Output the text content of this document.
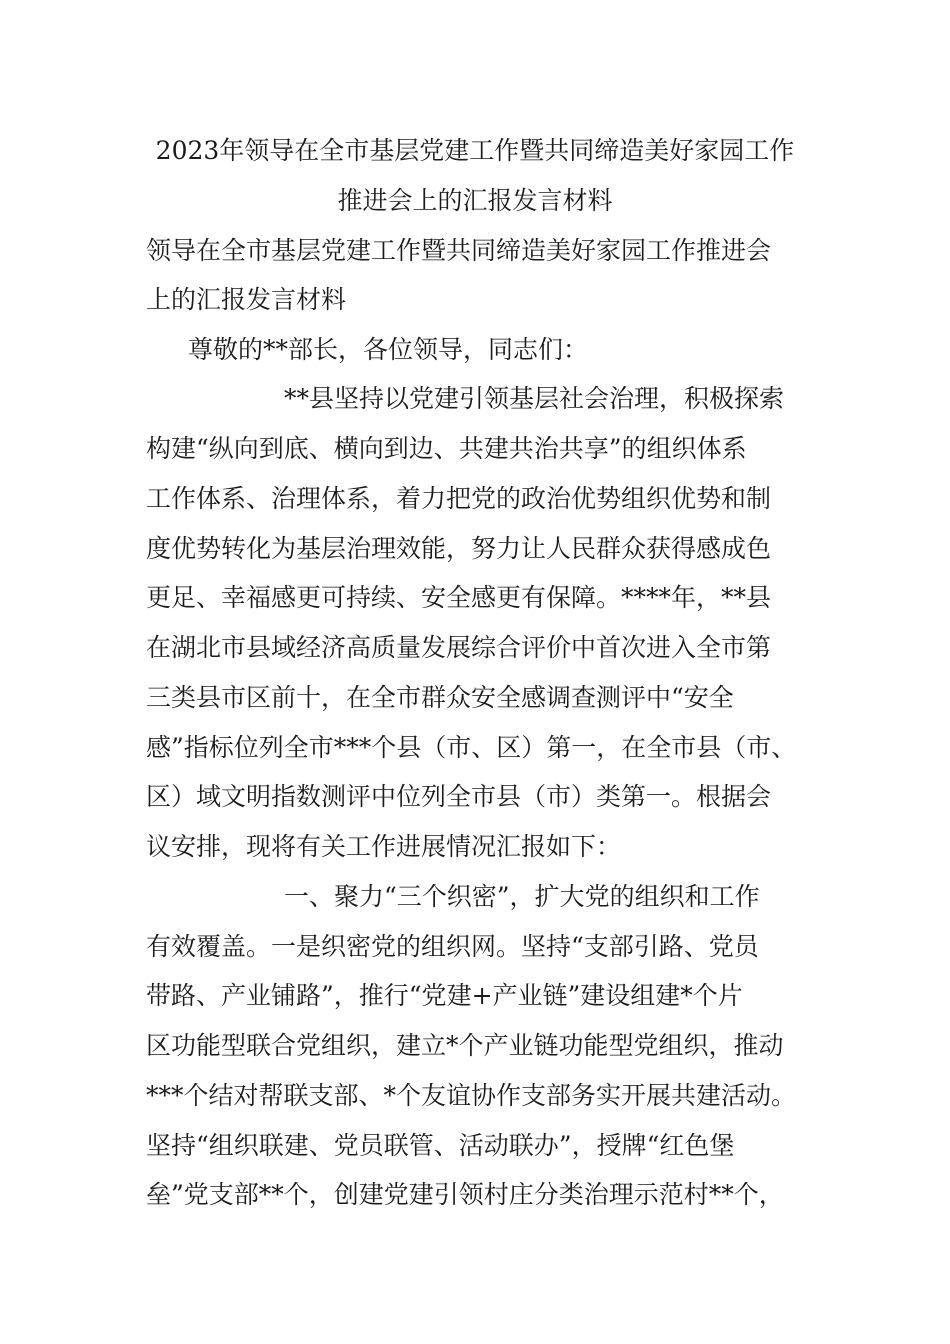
2023年领导在全市基层党建工作暨共同缔造美好家园工作
推进会上的汇报发言材料
领导在全市基层党建工作暨共同缔造美好家园工作推进会
上的汇报发言材料
尊敬的**部长，各位领导，同志们：
**县坚持以党建引领基层社会治理，积极探索
构建“纵向到底、横向到边、共建共治共享”的组织体系
工作体系、治理体系，着力把党的政治优势组织优势和制
度优势转化为基层治理效能，努力让人民群众获得感成色
更足、幸福感更可持续、安全感更有保障。****年，**县
在湖北市县域经济高质量发展综合评价中首次进入全市第
三类县市区前十，在全市群众安全感调查测评中“安全
感”指标位列全市***个县（市、区）第一，在全市县（市、
区）域文明指数测评中位列全市县（市）类第一。根据会
议安排，现将有关工作进展情况汇报如下：
一、聚力“三个织密”，扩大党的组织和工作
有效覆盖。一是织密党的组织网。坚持“支部引路、党员
带路、产业铺路”，推行“党建+产业链”建设组建*个片
区功能型联合党组织，建立*个产业链功能型党组织，推动
***个结对帮联支部、*个友谊协作支部务实开展共建活动。
坚持“组织联建、党员联管、活动联办”，授牌“红色堡
垒”党支部**个，创建党建引领村庄分类治理示范村**个，
